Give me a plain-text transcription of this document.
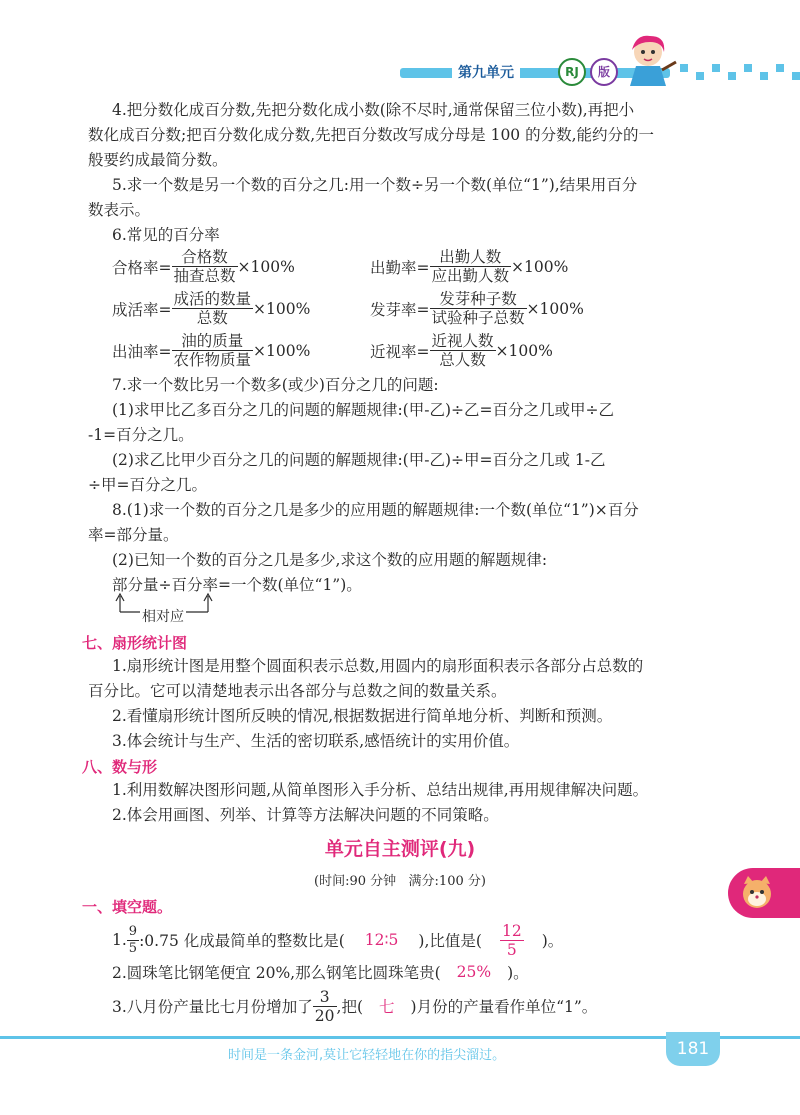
第九单元	RJ	版
4.把分数化成百分数,先把分数化成小数(除不尽时,通常保留三位小数),再把小
数化成百分数;把百分数化成分数,先把百分数改写成分母是 100 的分数,能约分的一
般要约成最简分数。
5.求一个数是另一个数的百分之几:用一个数÷另一个数(单位“1”),结果用百分
数表示。
6.常见的百分率
合格率= $\frac{\text{合格数}}{\text{抽查总数}} \times 100\%$	出勤率= $\frac{\text{出勤人数}}{\text{应出勤人数}} \times 100\%$
成活率= $\frac{\text{成活的数量}}{\text{总数}} \times 100\%$	发芽率= $\frac{\text{发芽种子数}}{\text{试验种子总数}} \times 100\%$
出油率= $\frac{\text{油的质量}}{\text{农作物质量}} \times 100\%$	近视率= $\frac{\text{近视人数}}{\text{总人数}} \times 100\%$
7.求一个数比另一个数多(或少)百分之几的问题:
(1)求甲比乙多百分之几的问题的解题规律:(甲-乙)÷乙=百分之几或甲÷乙
-1=百分之几。
(2)求乙比甲少百分之几的问题的解题规律:(甲-乙)÷甲=百分之几或 1-乙
÷甲=百分之几。
8.(1)求一个数的百分之几是多少的应用题的解题规律:一个数(单位“1”)×百分
率=部分量。
(2)已知一个数的百分之几是多少,求这个数的应用题的解题规律:
部分量÷百分率=一个数(单位“1”)。
相对应
七、扇形统计图
1.扇形统计图是用整个圆面积表示总数,用圆内的扇形面积表示各部分占总数的
百分比。它可以清楚地表示出各部分与总数之间的数量关系。
2.看懂扇形统计图所反映的情况,根据数据进行简单地分析、判断和预测。
3.体会统计与生产、生活的密切联系,感悟统计的实用价值。
八、数与形
1.利用数解决图形问题,从简单图形入手分析、总结出规律,再用规律解决问题。
2.体会用画图、列举、计算等方法解决问题的不同策略。
单元自主测评(九)
(时间:90 分钟   满分:100 分)
一、填空题。
1. $\frac{9}{5}$ :0.75 化成最简单的整数比是(	12∶5	),比值是( $\frac{12}{5}$ )。
2.圆珠笔比钢笔便宜 20%,那么钢笔比圆珠笔贵(	25%	)。
3.八月份产量比七月份增加了 $\frac{3}{20}$ ,把(	七	)月份的产量看作单位“1”。
时间是一条金河,莫让它轻轻地在你的指尖溜过。	181
